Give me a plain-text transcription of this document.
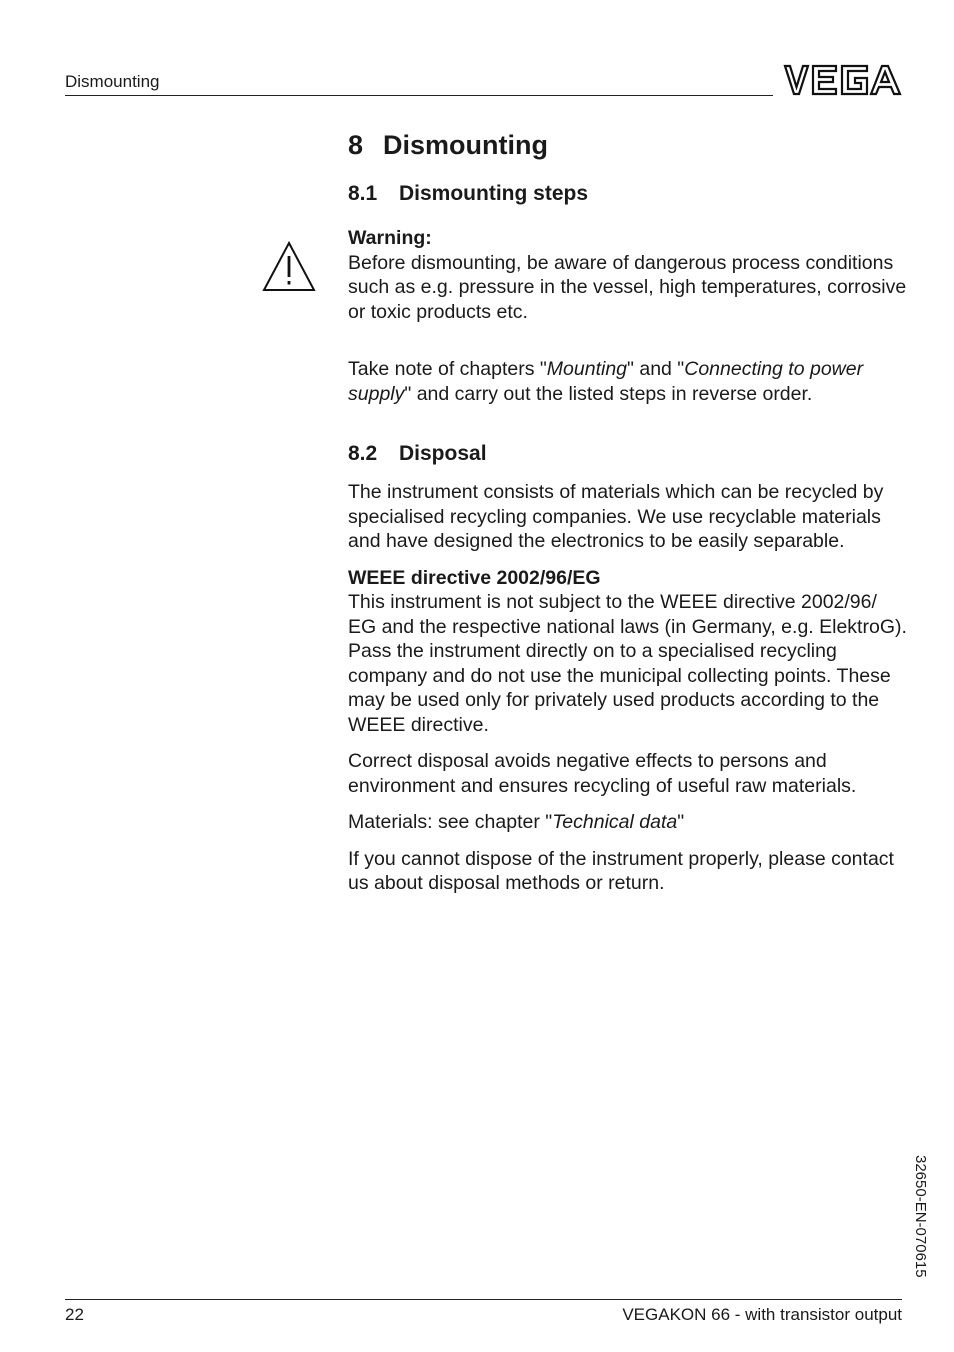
Dismounting
8 Dismounting
8.1 Dismounting steps

Warning:

Before dismounting, be aware of dangerous process conditions such as e.g. pressure in the vessel, high temperatures, corrosive or toxic products etc.

Take note of chapters "Mounting" and "Connecting to power supply" and carry out the listed steps in reverse order.

8.2 Disposal

The instrument consists of materials which can be recycled by specialised recycling companies. We use recyclable materials and have designed the electronics to be easily separable.

WEEE directive 2002/96/EG

This instrument is not subject to the WEEE directive 2002/96/ EG and the respective national laws (in Germany, e.g. ElektroG). Pass the instrument directly on to a specialised recycling company and do not use the municipal collecting points. These may be used only for privately used products according to the WEEE directive.

Correct disposal avoids negative effects to persons and environment and ensures recycling of useful raw materials.

Materials: see chapter "Technical data"

If you cannot dispose of the instrument properly, please contact us about disposal methods or return.

32650-EN-070615
22	VEGAKON 66 - with transistor output
